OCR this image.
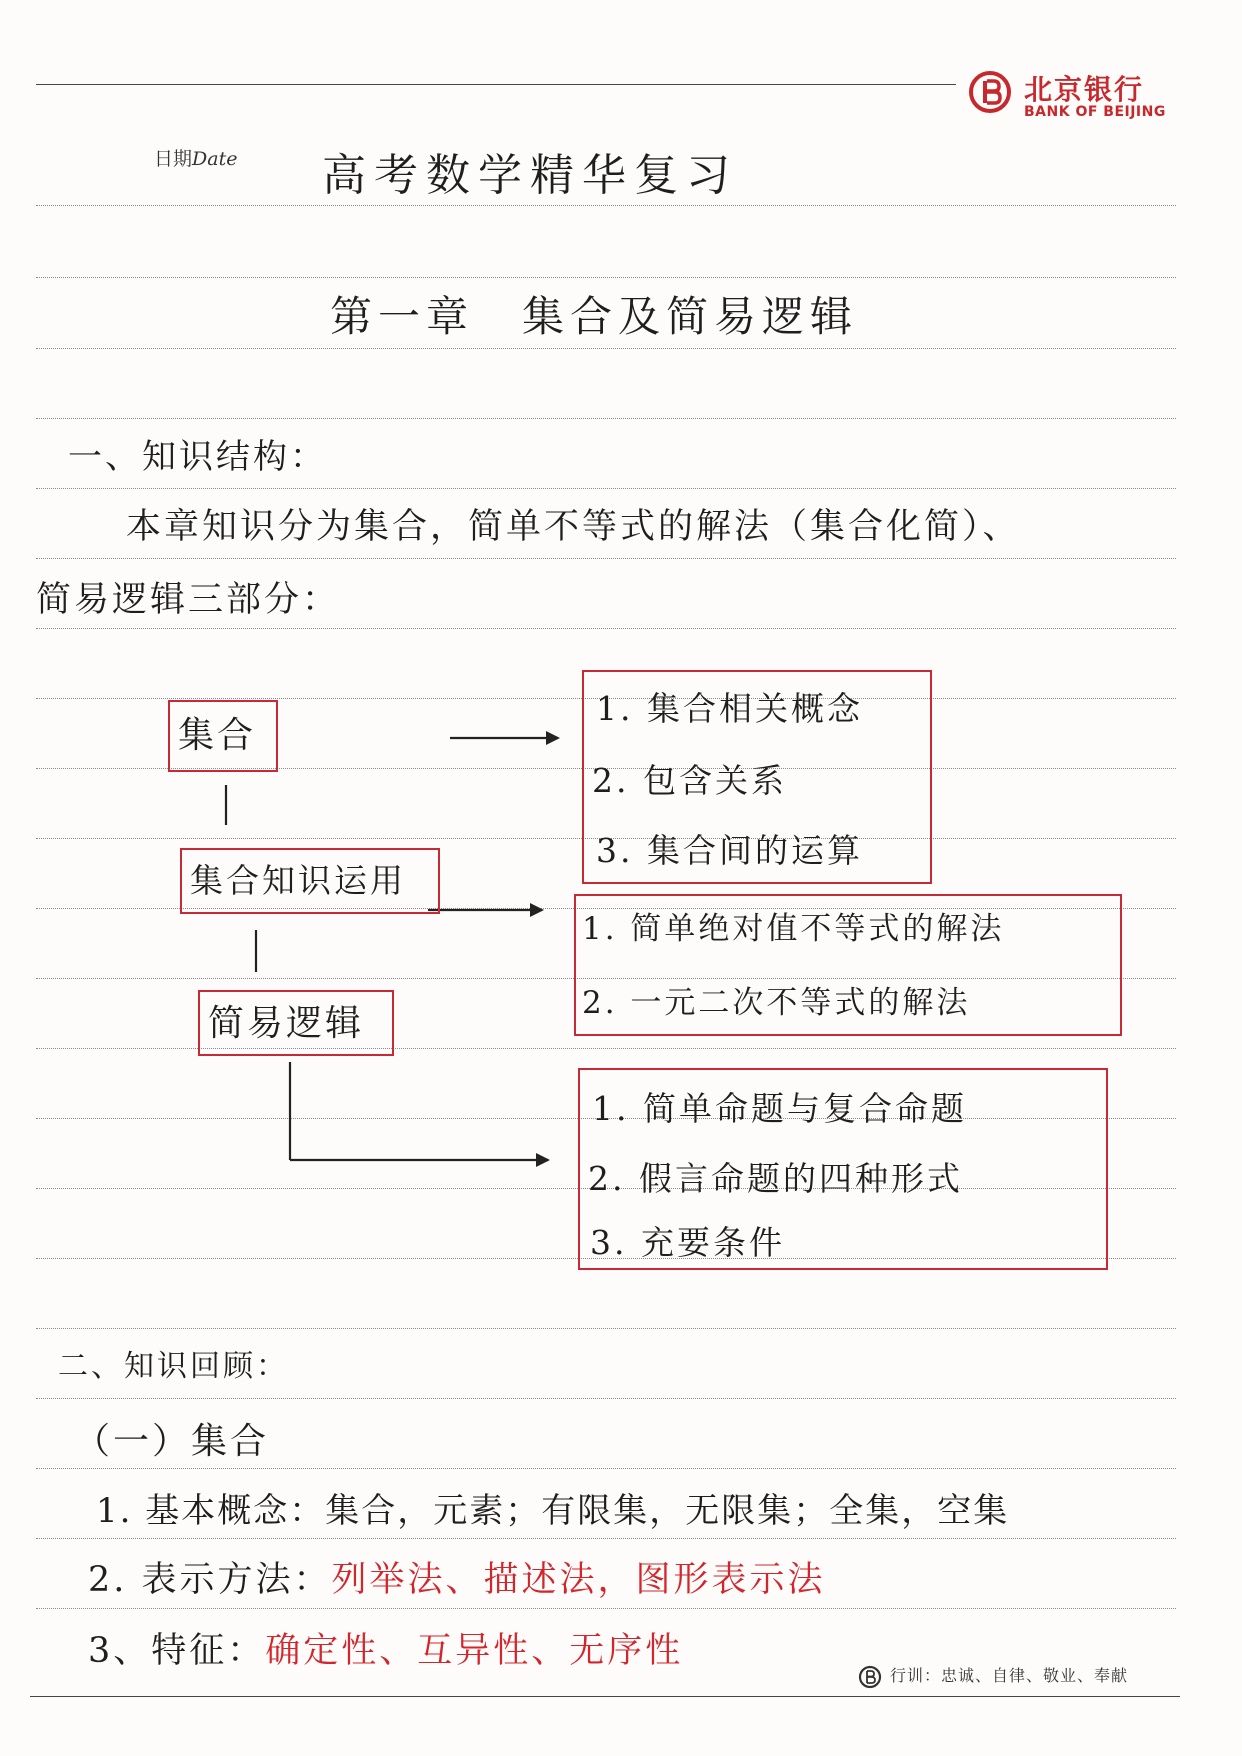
北京银行
BANK OF BEIJING
日期Date 高考数学精华复习
第一章　集合及简易逻辑
一、知识结构：
本章知识分为集合，简单不等式的解法（集合化简）、
简易逻辑三部分：
集合
集合知识运用
简易逻辑
1. 集合相关概念
2. 包含关系
3. 集合间的运算
1. 简单绝对值不等式的解法
2. 一元二次不等式的解法
1. 简单命题与复合命题
2. 假言命题的四种形式
3. 充要条件
二、知识回顾：
（一）集合
1. 基本概念：集合，元素；有限集，无限集；全集，空集
2. 表示方法：列举法、描述法，图形表示法
3、特征：确定性、互异性、无序性
行训：忠诚、自律、敬业、奉献
